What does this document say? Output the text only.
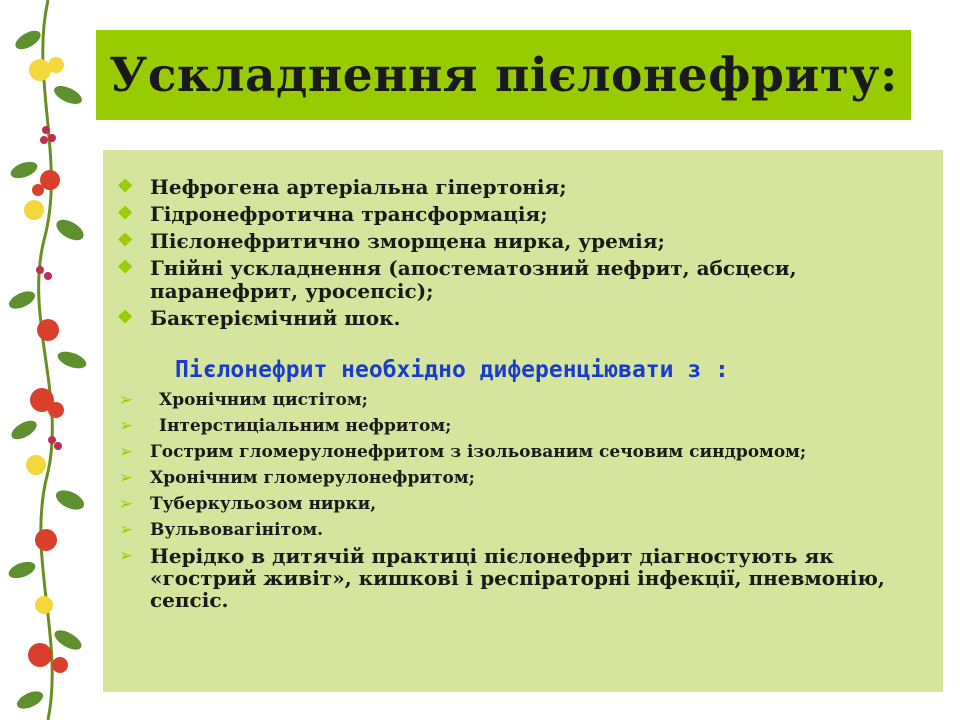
Ускладнення пієлонефриту:
❖ Нефрогена артеріальна гіпертонія;
❖ Гідронефротична трансформація;
❖ Пієлонефритично зморщена нирка, уремія;
❖ Гнійні ускладнення (апостематозний нефрит, абсцеси, паранефрит, уросепсіс);
❖ Бактеріємічний шок.
Пієлонефрит необхідно диференціювати з :
➢ Хронічним цистітом;
➢ Інтерстиціальним нефритом;
➢ Гострим гломерулонефритом з ізольованим сечовим синдромом;
➢ Хронічним гломерулонефритом;
➢ Туберкульозом нирки,
➢ Вульвовагінітом.
➢ Нерідко в дитячій практиці пієлонефрит діагностують як «гострий живіт», кишкові і респіраторні інфекції, пневмонію, сепсіс.
